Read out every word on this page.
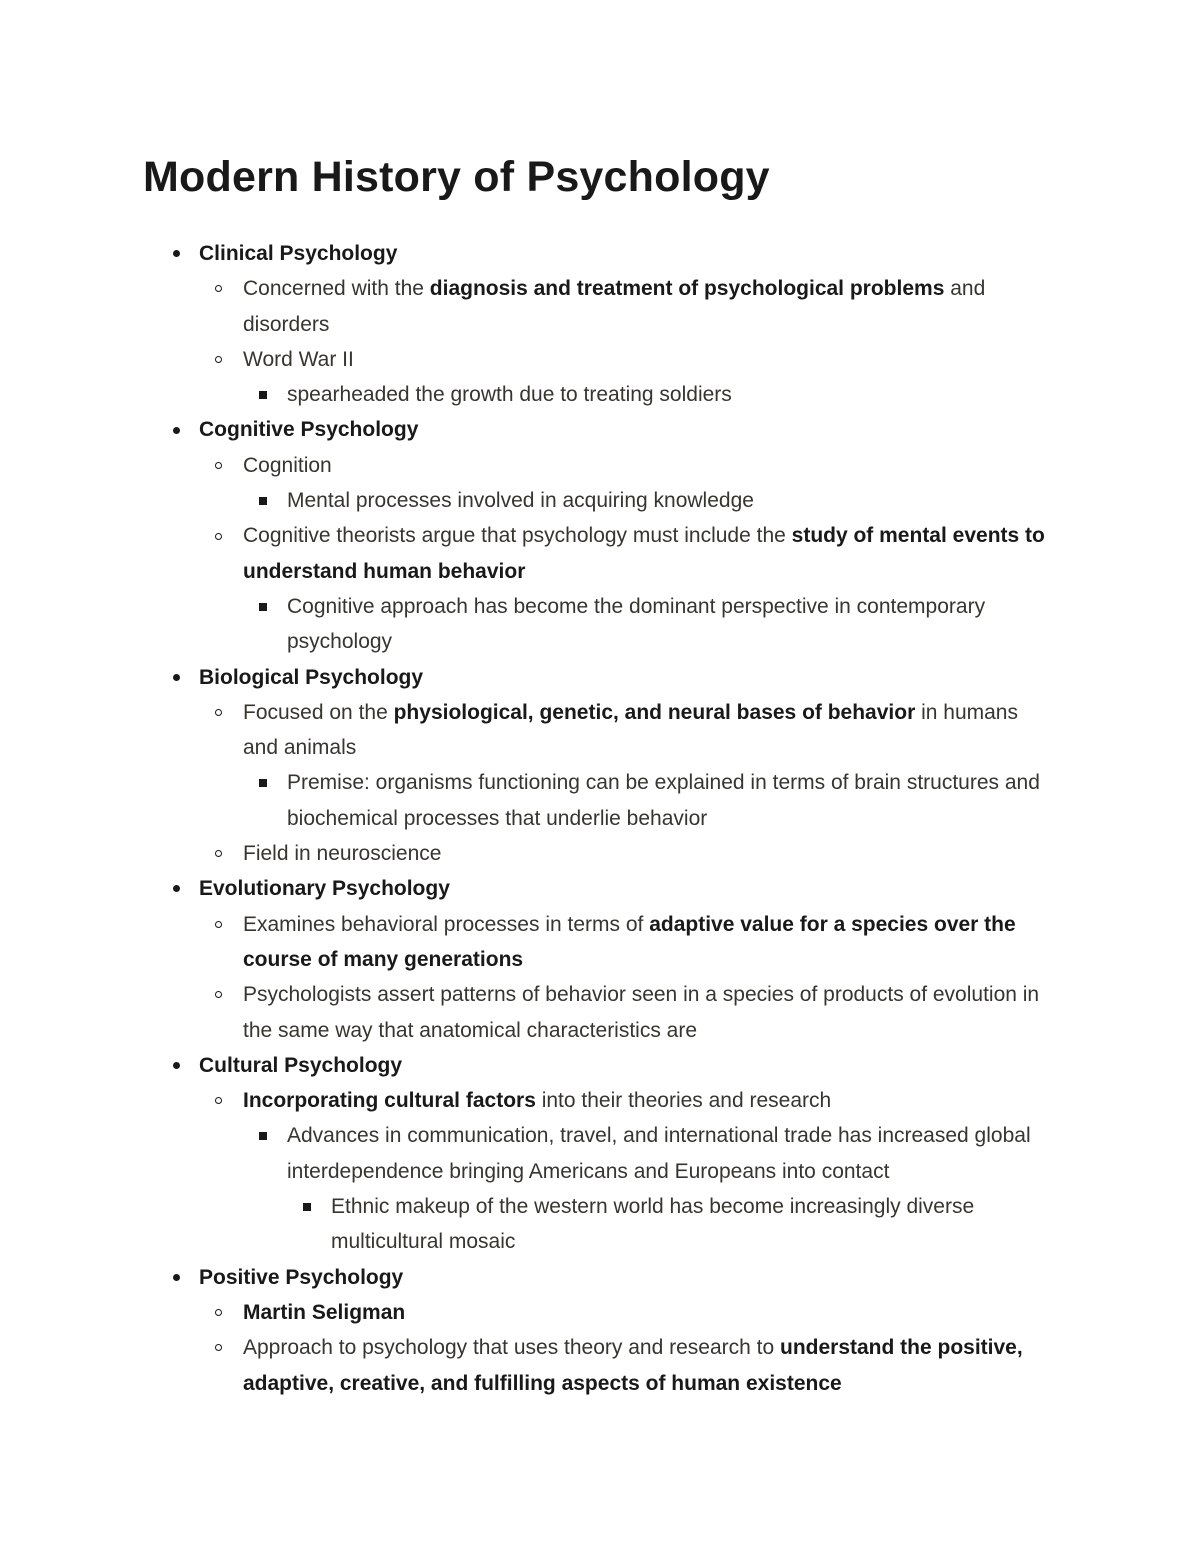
Modern History of Psychology
Clinical Psychology
Concerned with the diagnosis and treatment of psychological problems and disorders
Word War II
spearheaded the growth due to treating soldiers
Cognitive Psychology
Cognition
Mental processes involved in acquiring knowledge
Cognitive theorists argue that psychology must include the study of mental events to understand human behavior
Cognitive approach has become the dominant perspective in contemporary psychology
Biological Psychology
Focused on the physiological, genetic, and neural bases of behavior in humans and animals
Premise: organisms functioning can be explained in terms of brain structures and biochemical processes that underlie behavior
Field in neuroscience
Evolutionary Psychology
Examines behavioral processes in terms of adaptive value for a species over the course of many generations
Psychologists assert patterns of behavior seen in a species of products of evolution in the same way that anatomical characteristics are
Cultural Psychology
Incorporating cultural factors into their theories and research
Advances in communication, travel, and international trade has increased global interdependence bringing Americans and Europeans into contact
Ethnic makeup of the western world has become increasingly diverse multicultural mosaic
Positive Psychology
Martin Seligman
Approach to psychology that uses theory and research to understand the positive, adaptive, creative, and fulfilling aspects of human existence
